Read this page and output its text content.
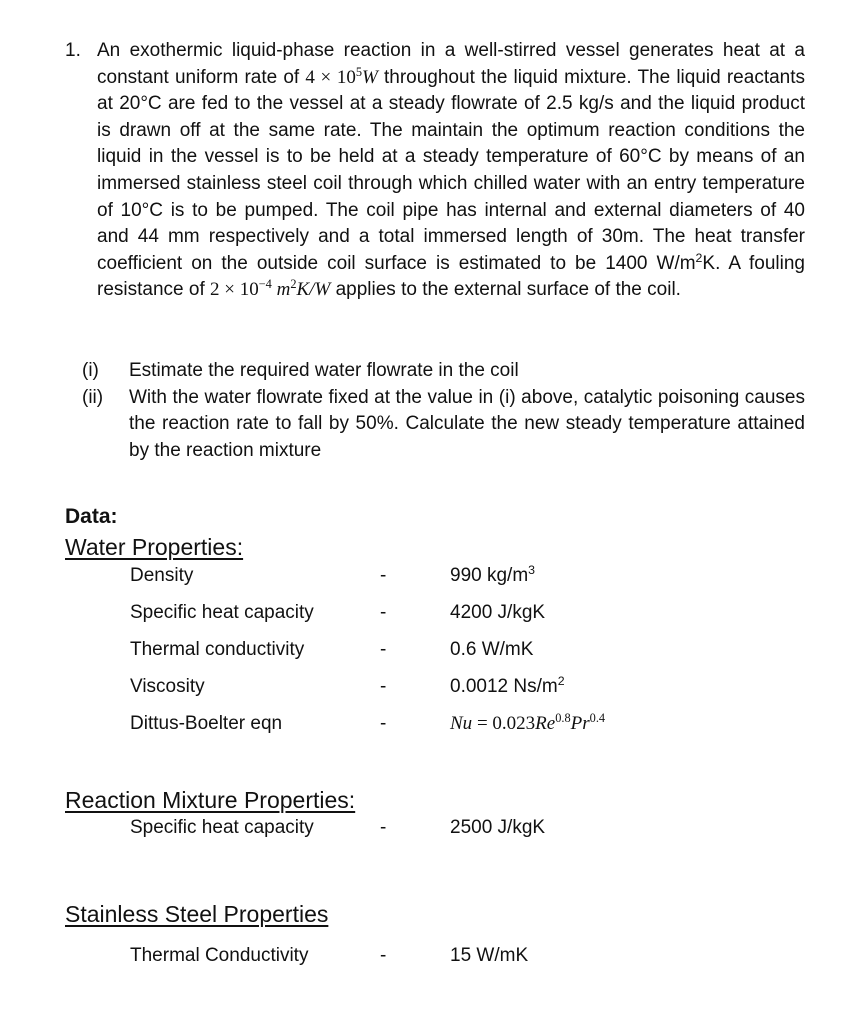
1. An exothermic liquid-phase reaction in a well-stirred vessel generates heat at a constant uniform rate of $4 \times 10^5W$ throughout the liquid mixture. The liquid reactants at 20°C are fed to the vessel at a steady flowrate of 2.5 kg/s and the liquid product is drawn off at the same rate. The maintain the optimum reaction conditions the liquid in the vessel is to be held at a steady temperature of 60°C by means of an immersed stainless steel coil through which chilled water with an entry temperature of 10°C is to be pumped. The coil pipe has internal and external diameters of 40 and 44 mm respectively and a total immersed length of 30m. The heat transfer coefficient on the outside coil surface is estimated to be 1400 $W/m^2K$. A fouling resistance of $2 \times 10^{-4}$ $m^2K/W$ applies to the external surface of the coil.
(i) Estimate the required water flowrate in the coil
(ii) With the water flowrate fixed at the value in (i) above, catalytic poisoning causes the reaction rate to fall by 50%. Calculate the new steady temperature attained by the reaction mixture
Data:
Water Properties:
Density	-	990 $kg/m^3$
Specific heat capacity	-	4200 J/kgK
Thermal conductivity	-	0.6 W/mK
Viscosity	-	0.0012 $Ns/m^2$
Dittus-Boelter eqn	-	$Nu = 0.023Re^{0.8}Pr^{0.4}$
Reaction Mixture Properties:
Specific heat capacity	-	2500 J/kgK
Stainless Steel Properties
Thermal Conductivity	-	15 W/mK
